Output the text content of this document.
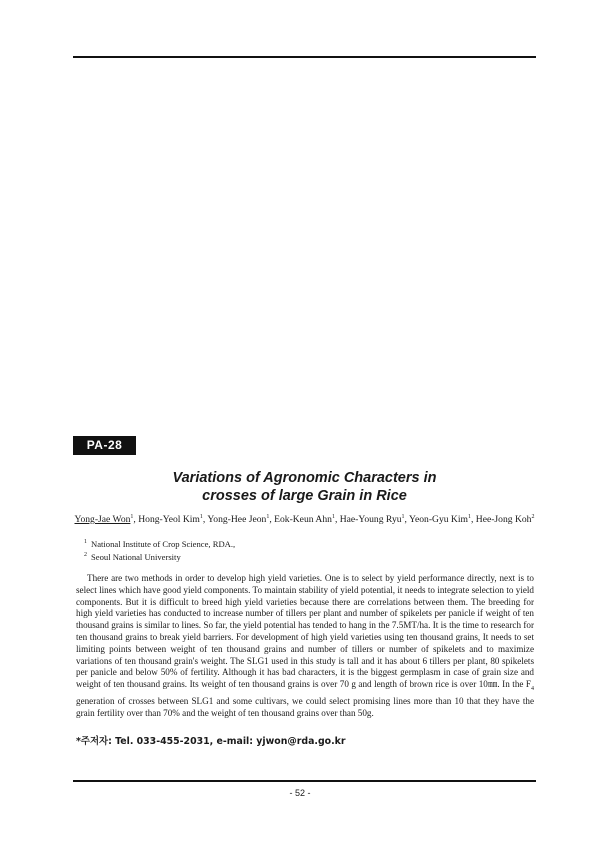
PA-28
Variations of Agronomic Characters in
crosses of large Grain in Rice
Yong-Jae Won$^1$, Hong-Yeol Kim$^1$, Yong-Hee Jeon$^1$, Eok-Keun Ahn$^1$, Hae-Young Ryu$^1$, Yeon-Gyu Kim$^1$, Hee-Jong Koh$^2$
$^1$ National Institute of Crop Science, RDA.,
$^2$ Seoul National University

There are two methods in order to develop high yield varieties. One is to select by yield performance directly, next is to select lines which have good yield components. To maintain stability of yield potential, it needs to integrate selection to yield components. But it is difficult to breed high yield varieties because there are correlations between them. The breeding for high yield varieties has conducted to increase number of tillers per plant and number of spikelets per panicle if weight of ten thousand grains is similar to lines. So far, the yield potential has tended to hang in the 7.5MT/ha. It is the time to research for ten thousand grains to break yield barriers. For development of high yield varieties using ten thousand grains, It needs to set limiting points between weight of ten thousand grains and number of tillers or number of spikelets and to maximize variations of ten thousand grain's weight. The SLG1 used in this study is tall and it has about 6 tillers per plant, 80 spikelets per panicle and below 50% of fertility. Although it has bad characters, it is the biggest germplasm in case of grain size and weight of ten thousand grains. Its weight of ten thousand grains is over 70 g and length of brown rice is over 10㎜. In the $F_4$ generation of crosses between SLG1 and some cultivars, we could select promising lines more than 10 that they have the grain fertility over than 70% and the weight of ten thousand grains over than 50g.

*주저자: Tel. 033-455-2031, e-mail: yjwon@rda.go.kr
- 52 -
